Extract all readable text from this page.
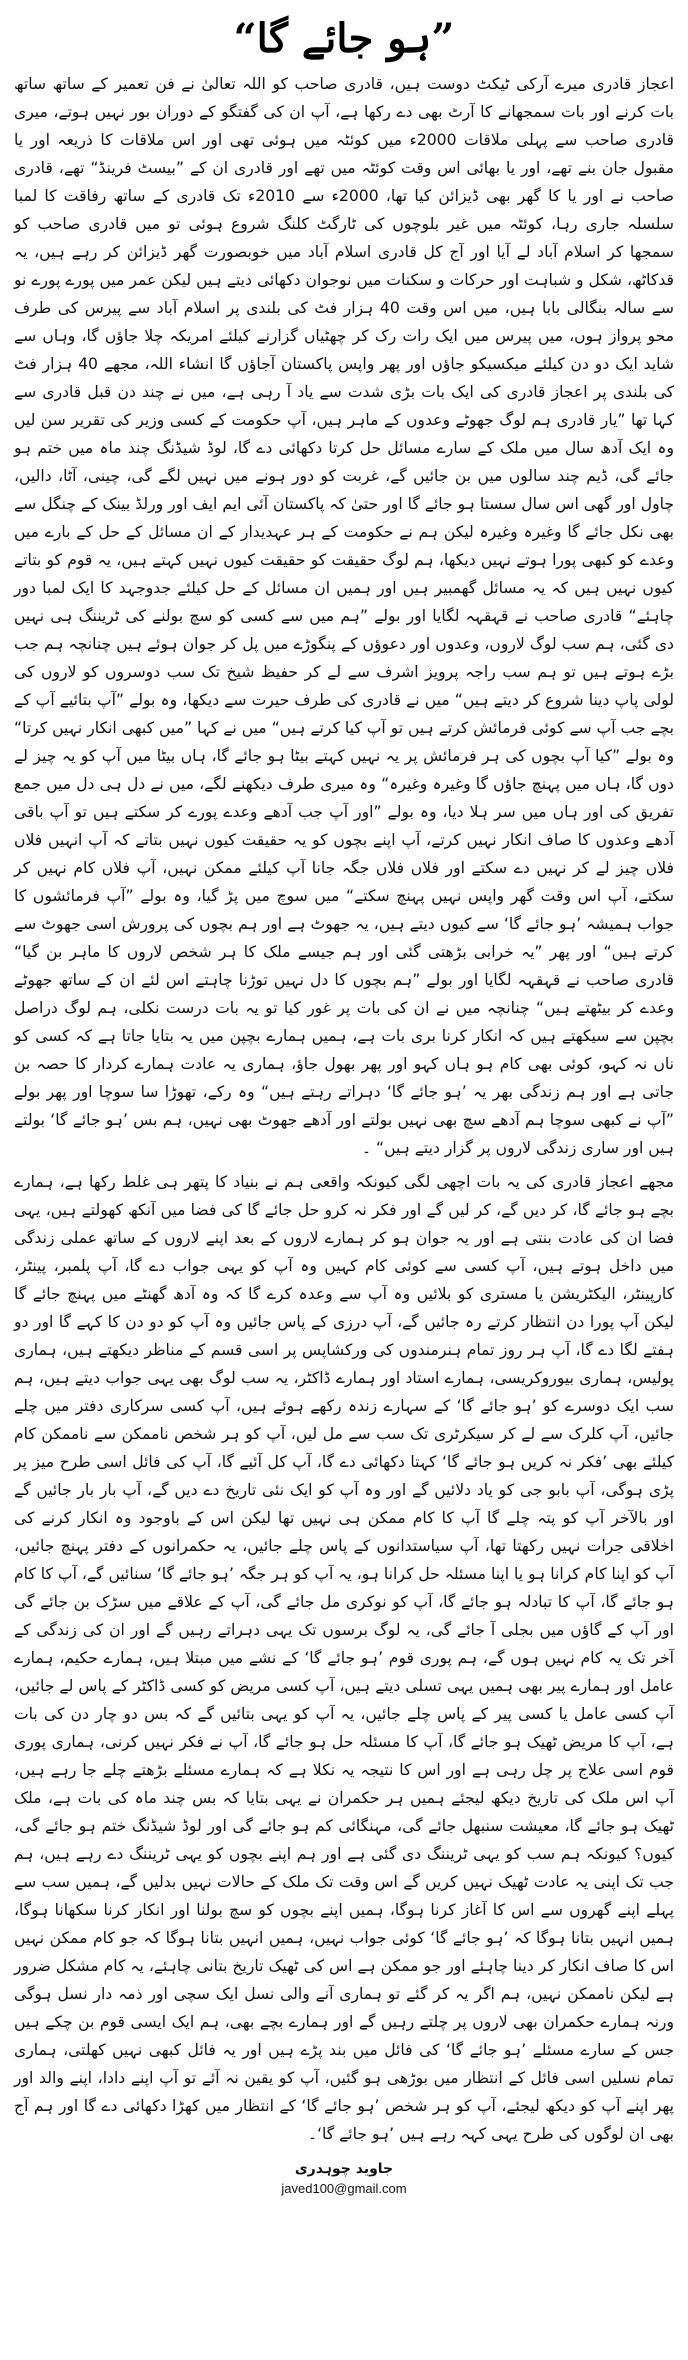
”ہو جائے گا“

اعجاز قادری میرے آرکی ٹیکٹ دوست ہیں، قادری صاحب کو اللہ تعالیٰ نے فن تعمیر کے ساتھ ساتھ بات کرنے اور بات سمجھانے کا آرٹ بھی دے رکھا ہے، آپ ان کی گفتگو کے دوران بور نہیں ہوتے، میری قادری صاحب سے پہلی ملاقات 2000ء میں کوئٹہ میں ہوئی تھی اور اس ملاقات کا ذریعہ اور یا مقبول جان بنے تھے، اور یا بھائی اس وقت کوئٹہ میں تھے اور قادری ان کے ”بیسٹ فرینڈ“ تھے، قادری صاحب نے اور یا کا گھر بھی ڈیزائن کیا تھا، 2000ء سے 2010ء تک قادری کے ساتھ رفاقت کا لمبا سلسلہ جاری رہا، کوئٹہ میں غیر بلوچوں کی ٹارگٹ کلنگ شروع ہوئی تو میں قادری صاحب کو سمجھا کر اسلام آباد لے آیا اور آج کل قادری اسلام آباد میں خوبصورت گھر ڈیزائن کر رہے ہیں، یہ قدکاٹھ، شکل و شباہت اور حرکات و سکنات میں نوجوان دکھائی دیتے ہیں لیکن عمر میں پورے پورے نو سے سالہ بنگالی بابا ہیں، میں اس وقت 40 ہزار فٹ کی بلندی پر اسلام آباد سے پیرس کی طرف محو پرواز ہوں، میں پیرس میں ایک رات رک کر چھٹیاں گزارنے کیلئے امریکہ چلا جاؤں گا، وہاں سے شاید ایک دو دن کیلئے میکسیکو جاؤں اور پھر واپس پاکستان آجاؤں گا انشاء اللہ، مجھے 40 ہزار فٹ کی بلندی پر اعجاز قادری کی ایک بات بڑی شدت سے یاد آ رہی ہے، میں نے چند دن قبل قادری سے کہا تھا ”یار قادری ہم لوگ جھوٹے وعدوں کے ماہر ہیں، آپ حکومت کے کسی وزیر کی تقریر سن لیں وہ ایک آدھ سال میں ملک کے سارے مسائل حل کرتا دکھائی دے گا، لوڈ شیڈنگ چند ماہ میں ختم ہو جائے گی، ڈیم چند سالوں میں بن جائیں گے، غربت کو دور ہونے میں نہیں لگے گی، چینی، آٹا، دالیں، چاول اور گھی اس سال سستا ہو جائے گا اور حتیٰ کہ پاکستان آئی ایم ایف اور ورلڈ بینک کے چنگل سے بھی نکل جائے گا وغیرہ وغیرہ لیکن ہم نے حکومت کے ہر عہدیدار کے ان مسائل کے حل کے بارے میں وعدے کو کبھی پورا ہوتے نہیں دیکھا، ہم لوگ حقیقت کو حقیقت کیوں نہیں کہتے ہیں، یہ قوم کو بتاتے کیوں نہیں ہیں کہ یہ مسائل گھمبیر ہیں اور ہمیں ان مسائل کے حل کیلئے جدوجہد کا ایک لمبا دور چاہئے“ قادری صاحب نے قہقہہ لگایا اور بولے ”ہم میں سے کسی کو سچ بولنے کی ٹریننگ ہی نہیں دی گئی، ہم سب لوگ لاروں، وعدوں اور دعوؤں کے پنگوڑے میں پل کر جوان ہوئے ہیں چنانچہ ہم جب بڑے ہوتے ہیں تو ہم سب راجہ پرویز اشرف سے لے کر حفیظ شیخ تک سب دوسروں کو لاروں کی لولی پاپ دینا شروع کر دیتے ہیں“ میں نے قادری کی طرف حیرت سے دیکھا، وہ بولے ”آپ بتائیے آپ کے بچے جب آپ سے کوئی فرمائش کرتے ہیں تو آپ کیا کرتے ہیں“ میں نے کہا ”میں کبھی انکار نہیں کرتا“ وہ بولے ”کیا آپ بچوں کی ہر فرمائش پر یہ نہیں کہتے بیٹا ہو جائے گا، ہاں بیٹا میں آپ کو یہ چیز لے دوں گا، ہاں میں پہنچ جاؤں گا وغیرہ وغیرہ“ وہ میری طرف دیکھنے لگے، میں نے دل ہی دل میں جمع تفریق کی اور ہاں میں سر ہلا دیا، وہ بولے ”اور آپ جب آدھے وعدے پورے کر سکتے ہیں تو آپ باقی آدھے وعدوں کا صاف انکار نہیں کرتے، آپ اپنے بچوں کو یہ حقیقت کیوں نہیں بتاتے کہ آپ انہیں فلاں فلاں چیز لے کر نہیں دے سکتے اور فلاں فلاں جگہ جانا آپ کیلئے ممکن نہیں، آپ فلاں کام نہیں کر سکتے، آپ اس وقت گھر واپس نہیں پہنچ سکتے“ میں سوچ میں پڑ گیا، وہ بولے ”آپ فرمائشوں کا جواب ہمیشہ ’ہو جائے گا‘ سے کیوں دیتے ہیں، یہ جھوٹ ہے اور ہم بچوں کی پرورش اسی جھوٹ سے کرتے ہیں“ اور پھر ”یہ خرابی بڑھتی گئی اور ہم جیسے ملک کا ہر شخص لاروں کا ماہر بن گیا“ قادری صاحب نے قہقہہ لگایا اور بولے ”ہم بچوں کا دل نہیں توڑنا چاہتے اس لئے ان کے ساتھ جھوٹے وعدے کر بیٹھتے ہیں“ چنانچہ میں نے ان کی بات پر غور کیا تو یہ بات درست نکلی، ہم لوگ دراصل بچپن سے سیکھتے ہیں کہ انکار کرنا بری بات ہے، ہمیں ہمارے بچپن میں یہ بتایا جاتا ہے کہ کسی کو ناں نہ کہو، کوئی بھی کام ہو ہاں کہو اور پھر بھول جاؤ، ہماری یہ عادت ہمارے کردار کا حصہ بن جاتی ہے اور ہم زندگی بھر یہ ’ہو جائے گا‘ دہراتے رہتے ہیں“ وہ رکے، تھوڑا سا سوچا اور پھر بولے ”آپ نے کبھی سوچا ہم آدھے سچ بھی نہیں بولتے اور آدھے جھوٹ بھی نہیں، ہم بس ’ہو جائے گا‘ بولتے ہیں اور ساری زندگی لاروں پر گزار دیتے ہیں“ ۔

مجھے اعجاز قادری کی یہ بات اچھی لگی کیونکہ واقعی ہم نے بنیاد کا پتھر ہی غلط رکھا ہے، ہمارے بچے ہو جائے گا، کر دیں گے، کر لیں گے اور فکر نہ کرو حل جائے گا کی فضا میں آنکھ کھولتے ہیں، یہی فضا ان کی عادت بنتی ہے اور یہ جوان ہو کر ہمارے لاروں کے بعد اپنے لاروں کے ساتھ عملی زندگی میں داخل ہوتے ہیں، آپ کسی سے کوئی کام کہیں وہ آپ کو یہی جواب دے گا، آپ پلمبر، پینٹر، کارپینٹر، الیکٹریشن یا مستری کو بلائیں وہ آپ سے وعدہ کرے گا کہ وہ آدھ گھنٹے میں پہنچ جائے گا لیکن آپ پورا دن انتظار کرتے رہ جائیں گے، آپ درزی کے پاس جائیں وہ آپ کو دو دن کا کہے گا اور دو ہفتے لگا دے گا، آپ ہر روز تمام ہنرمندوں کی ورکشاپس پر اسی قسم کے مناظر دیکھتے ہیں، ہماری پولیس، ہماری بیوروکریسی، ہمارے استاد اور ہمارے ڈاکٹر، یہ سب لوگ بھی یہی جواب دیتے ہیں، ہم سب ایک دوسرے کو ’ہو جائے گا‘ کے سہارے زندہ رکھے ہوئے ہیں، آپ کسی سرکاری دفتر میں چلے جائیں، آپ کلرک سے لے کر سیکرٹری تک سب سے مل لیں، آپ کو ہر شخص ناممکن سے ناممکن کام کیلئے بھی ’فکر نہ کریں ہو جائے گا‘ کہتا دکھائی دے گا، آپ کل آئیے گا، آپ کی فائل اسی طرح میز پر پڑی ہوگی، آپ بابو جی کو یاد دلائیں گے اور وہ آپ کو ایک نئی تاریخ دے دیں گے، آپ بار بار جائیں گے اور بالآخر آپ کو پتہ چلے گا آپ کا کام ممکن ہی نہیں تھا لیکن اس کے باوجود وہ انکار کرنے کی اخلاقی جرات نہیں رکھتا تھا، آپ سیاستدانوں کے پاس چلے جائیں، یہ حکمرانوں کے دفتر پہنچ جائیں، آپ کو اپنا کام کرانا ہو یا اپنا مسئلہ حل کرانا ہو، یہ آپ کو ہر جگہ ’ہو جائے گا‘ سنائیں گے، آپ کا کام ہو جائے گا، آپ کا تبادلہ ہو جائے گا، آپ کو نوکری مل جائے گی، آپ کے علاقے میں سڑک بن جائے گی اور آپ کے گاؤں میں بجلی آ جائے گی، یہ لوگ برسوں تک یہی دہراتے رہیں گے اور ان کی زندگی کے آخر تک یہ کام نہیں ہوں گے، ہم پوری قوم ’ہو جائے گا‘ کے نشے میں مبتلا ہیں، ہمارے حکیم، ہمارے عامل اور ہمارے پیر بھی ہمیں یہی تسلی دیتے ہیں، آپ کسی مریض کو کسی ڈاکٹر کے پاس لے جائیں، آپ کسی عامل یا کسی پیر کے پاس چلے جائیں، یہ آپ کو یہی بتائیں گے کہ بس دو چار دن کی بات ہے، آپ کا مریض ٹھیک ہو جائے گا، آپ کا مسئلہ حل ہو جائے گا، آپ نے فکر نہیں کرنی، ہماری پوری قوم اسی علاج پر چل رہی ہے اور اس کا نتیجہ یہ نکلا ہے کہ ہمارے مسئلے بڑھتے چلے جا رہے ہیں، آپ اس ملک کی تاریخ دیکھ لیجئے ہمیں ہر حکمران نے یہی بتایا کہ بس چند ماہ کی بات ہے، ملک ٹھیک ہو جائے گا، معیشت سنبھل جائے گی، مہنگائی کم ہو جائے گی اور لوڈ شیڈنگ ختم ہو جائے گی، کیوں؟ کیونکہ ہم سب کو یہی ٹریننگ دی گئی ہے اور ہم اپنے بچوں کو یہی ٹریننگ دے رہے ہیں، ہم جب تک اپنی یہ عادت ٹھیک نہیں کریں گے اس وقت تک ملک کے حالات نہیں بدلیں گے، ہمیں سب سے پہلے اپنے گھروں سے اس کا آغاز کرنا ہوگا، ہمیں اپنے بچوں کو سچ بولنا اور انکار کرنا سکھانا ہوگا، ہمیں انہیں بتانا ہوگا کہ ’ہو جائے گا‘ کوئی جواب نہیں، ہمیں انہیں بتانا ہوگا کہ جو کام ممکن نہیں اس کا صاف انکار کر دینا چاہئے اور جو ممکن ہے اس کی ٹھیک تاریخ بتانی چاہئے، یہ کام مشکل ضرور ہے لیکن ناممکن نہیں، ہم اگر یہ کر گئے تو ہماری آنے والی نسل ایک سچی اور ذمہ دار نسل ہوگی ورنہ ہمارے حکمران بھی لاروں پر چلتے رہیں گے اور ہمارے بچے بھی، ہم ایک ایسی قوم بن چکے ہیں جس کے سارے مسئلے ’ہو جائے گا‘ کی فائل میں بند پڑے ہیں اور یہ فائل کبھی نہیں کھلتی، ہماری تمام نسلیں اسی فائل کے انتظار میں بوڑھی ہو گئیں، آپ کو یقین نہ آئے تو آپ اپنے دادا، اپنے والد اور پھر اپنے آپ کو دیکھ لیجئے، آپ کو ہر شخص ’ہو جائے گا‘ کے انتظار میں کھڑا دکھائی دے گا اور ہم آج بھی ان لوگوں کی طرح یہی کہہ رہے ہیں ’ہو جائے گا‘۔

جاوید چوہدری
javed100@gmail.com
